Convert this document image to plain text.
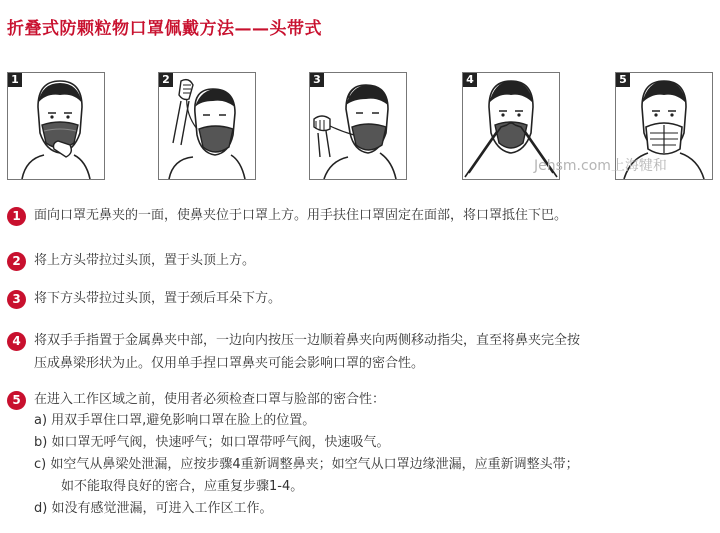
折叠式防颗粒物口罩佩戴方法——头带式
1	2	3	4	5
Jehsm.com上海犍和
1	面向口罩无鼻夹的一面，使鼻夹位于口罩上方。用手扶住口罩固定在面部，将口罩抵住下巴。
2	将上方头带拉过头顶，置于头顶上方。
3	将下方头带拉过头顶，置于颈后耳朵下方。
4	将双手手指置于金属鼻夹中部，一边向内按压一边顺着鼻夹向两侧移动指尖，直至将鼻夹完全按
压成鼻梁形状为止。仅用单手捏口罩鼻夹可能会影响口罩的密合性。
5	在进入工作区域之前，使用者必须检查口罩与脸部的密合性：
a) 用双手罩住口罩,避免影响口罩在脸上的位置。
b) 如口罩无呼气阀，快速呼气；如口罩带呼气阀，快速吸气。
c) 如空气从鼻梁处泄漏，应按步骤4重新调整鼻夹；如空气从口罩边缘泄漏，应重新调整头带；
如不能取得良好的密合，应重复步骤1-4。
d) 如没有感觉泄漏，可进入工作区工作。
